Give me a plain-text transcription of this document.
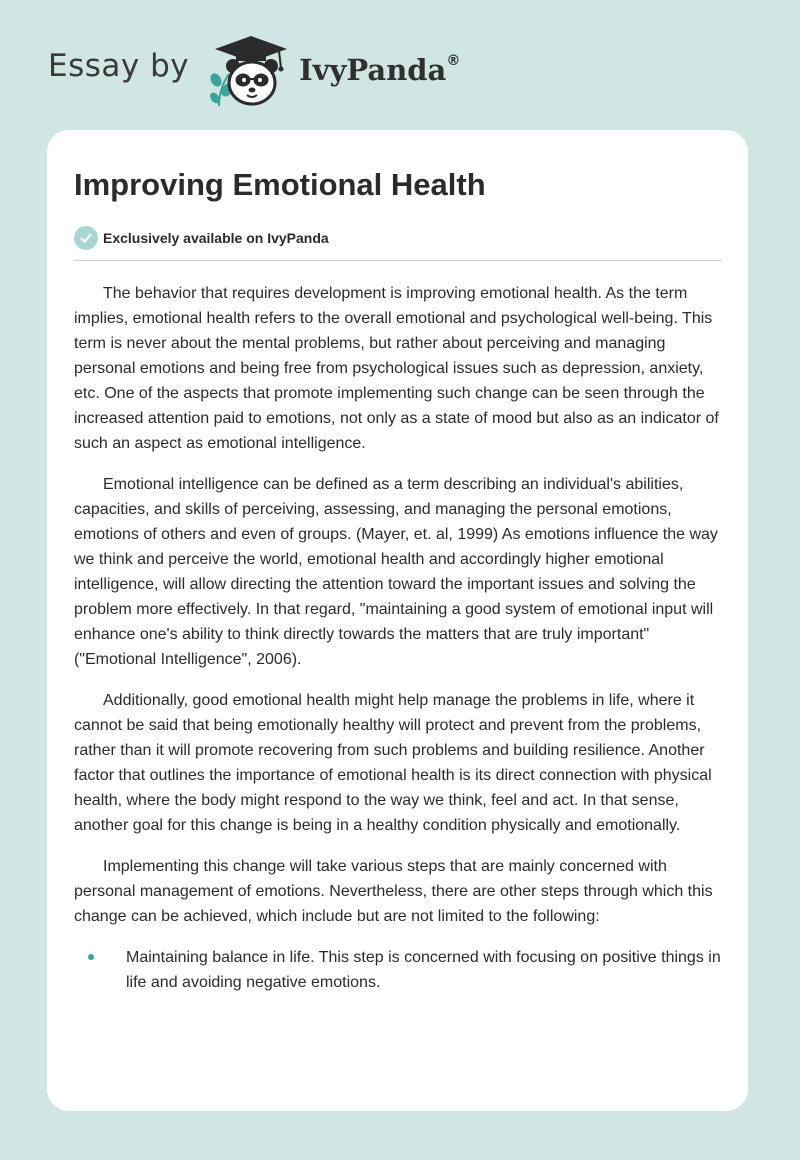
Essay by	IvyPanda®
Improving Emotional Health
Exclusively available on IvyPanda

The behavior that requires development is improving emotional health. As the term implies, emotional health refers to the overall emotional and psychological well-being. This term is never about the mental problems, but rather about perceiving and managing personal emotions and being free from psychological issues such as depression, anxiety, etc. One of the aspects that promote implementing such change can be seen through the increased attention paid to emotions, not only as a state of mood but also as an indicator of such an aspect as emotional intelligence.

Emotional intelligence can be defined as a term describing an individual's abilities, capacities, and skills of perceiving, assessing, and managing the personal emotions, emotions of others and even of groups. (Mayer, et. al, 1999) As emotions influence the way we think and perceive the world, emotional health and accordingly higher emotional intelligence, will allow directing the attention toward the important issues and solving the problem more effectively. In that regard, "maintaining a good system of emotional input will enhance one's ability to think directly towards the matters that are truly important" ("Emotional Intelligence", 2006).

Additionally, good emotional health might help manage the problems in life, where it cannot be said that being emotionally healthy will protect and prevent from the problems, rather than it will promote recovering from such problems and building resilience. Another factor that outlines the importance of emotional health is its direct connection with physical health, where the body might respond to the way we think, feel and act. In that sense, another goal for this change is being in a healthy condition physically and emotionally.

Implementing this change will take various steps that are mainly concerned with personal management of emotions. Nevertheless, there are other steps through which this change can be achieved, which include but are not limited to the following:

Maintaining balance in life. This step is concerned with focusing on positive things in life and avoiding negative emotions.
